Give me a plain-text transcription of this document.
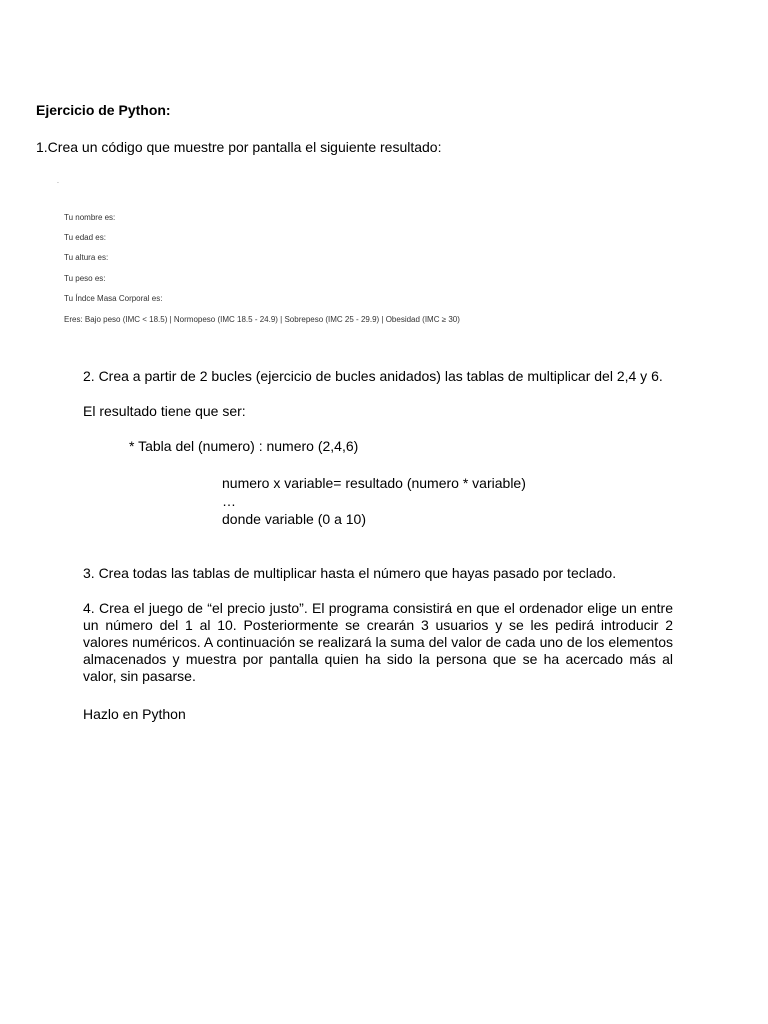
Ejercicio de Python:
1.Crea un código que muestre por pantalla el siguiente resultado:
.
Tu nombre es:
Tu edad es:
Tu altura es:
Tu peso es:
Tu Índce Masa Corporal es:
Eres: Bajo peso (IMC < 18.5) | Normopeso (IMC 18.5 - 24.9) | Sobrepeso (IMC 25 - 29.9) | Obesidad (IMC ≥ 30)
2. Crea a partir de 2 bucles (ejercicio de bucles anidados) las tablas de multiplicar del 2,4 y 6.
El resultado tiene que ser:
* Tabla del (numero) : numero (2,4,6)
numero x variable= resultado (numero * variable)
…
donde variable (0 a 10)
3. Crea todas las tablas de multiplicar hasta el número que hayas pasado por teclado.
4. Crea el juego de “el precio justo”. El programa consistirá en que el ordenador elige un entre un número del 1 al 10. Posteriormente se crearán 3 usuarios y se les pedirá introducir 2 valores numéricos. A continuación se realizará la suma del valor de cada uno de los elementos almacenados y muestra por pantalla quien ha sido la persona que se ha acercado más al valor, sin pasarse.
Hazlo en Python
